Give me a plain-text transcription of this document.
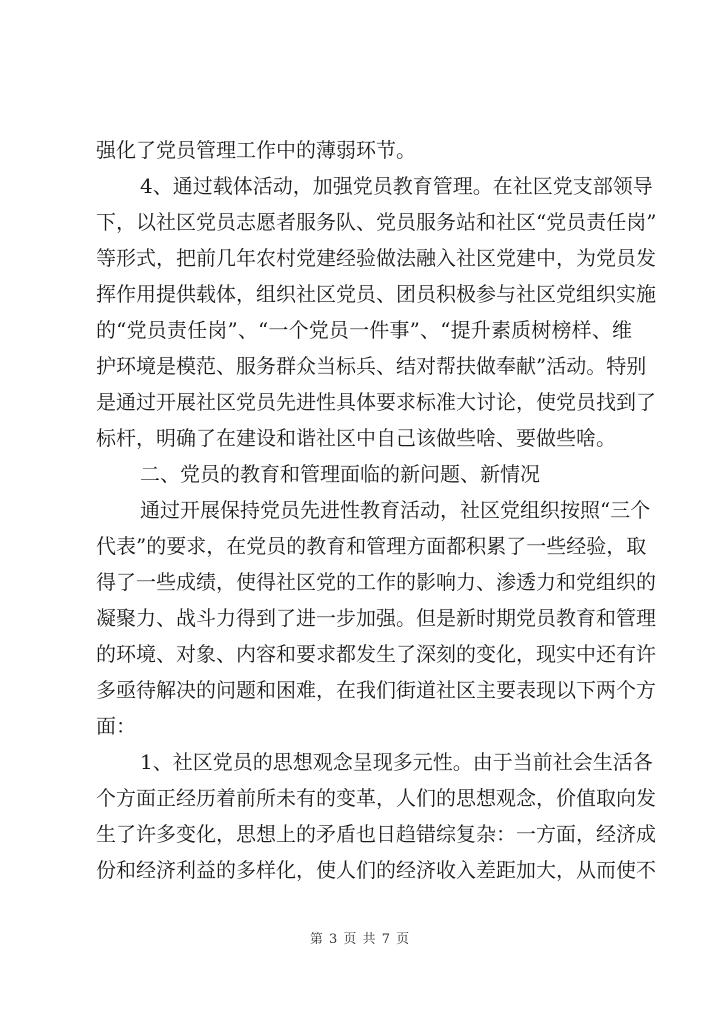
强化了党员管理工作中的薄弱环节。
4、通过载体活动，加强党员教育管理。在社区党支部领导
下，以社区党员志愿者服务队、党员服务站和社区“党员责任岗”
等形式，把前几年农村党建经验做法融入社区党建中，为党员发
挥作用提供载体，组织社区党员、团员积极参与社区党组织实施
的“党员责任岗”、“一个党员一件事”、“提升素质树榜样、维
护环境是模范、服务群众当标兵、结对帮扶做奉献”活动。特别
是通过开展社区党员先进性具体要求标准大讨论，使党员找到了
标杆，明确了在建设和谐社区中自己该做些啥、要做些啥。
二、党员的教育和管理面临的新问题、新情况
通过开展保持党员先进性教育活动，社区党组织按照“三个
代表”的要求，在党员的教育和管理方面都积累了一些经验，取
得了一些成绩，使得社区党的工作的影响力、渗透力和党组织的
凝聚力、战斗力得到了进一步加强。但是新时期党员教育和管理
的环境、对象、内容和要求都发生了深刻的变化，现实中还有许
多亟待解决的问题和困难，在我们街道社区主要表现以下两个方
面：
1、社区党员的思想观念呈现多元性。由于当前社会生活各
个方面正经历着前所未有的变革，人们的思想观念，价值取向发
生了许多变化，思想上的矛盾也日趋错综复杂：一方面，经济成
份和经济利益的多样化，使人们的经济收入差距加大，从而使不
第 3 页 共 7 页
